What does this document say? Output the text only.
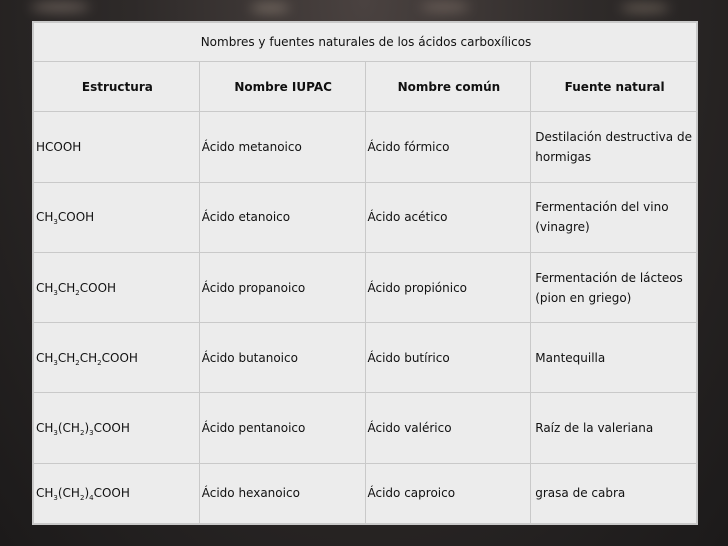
Nombres y fuentes naturales de los ácidos carboxílicos			
Estructura	Nombre IUPAC	Nombre común	Fuente natural
HCOOH	Ácido metanoico	Ácido fórmico	Destilación destructiva de hormigas
$CH_3COOH$	Ácido etanoico	Ácido acético	Fermentación del vino (vinagre)
$CH_3CH_2COOH$	Ácido propanoico	Ácido propiónico	Fermentación de lácteos (pion en griego)
$CH_3CH_2CH_2COOH$	Ácido butanoico	Ácido butírico	Mantequilla
$CH_3(CH_2)_3COOH$	Ácido pentanoico	Ácido valérico	Raíz de la valeriana
$CH_3(CH_2)_4COOH$	Ácido hexanoico	Ácido caproico	grasa de cabra
